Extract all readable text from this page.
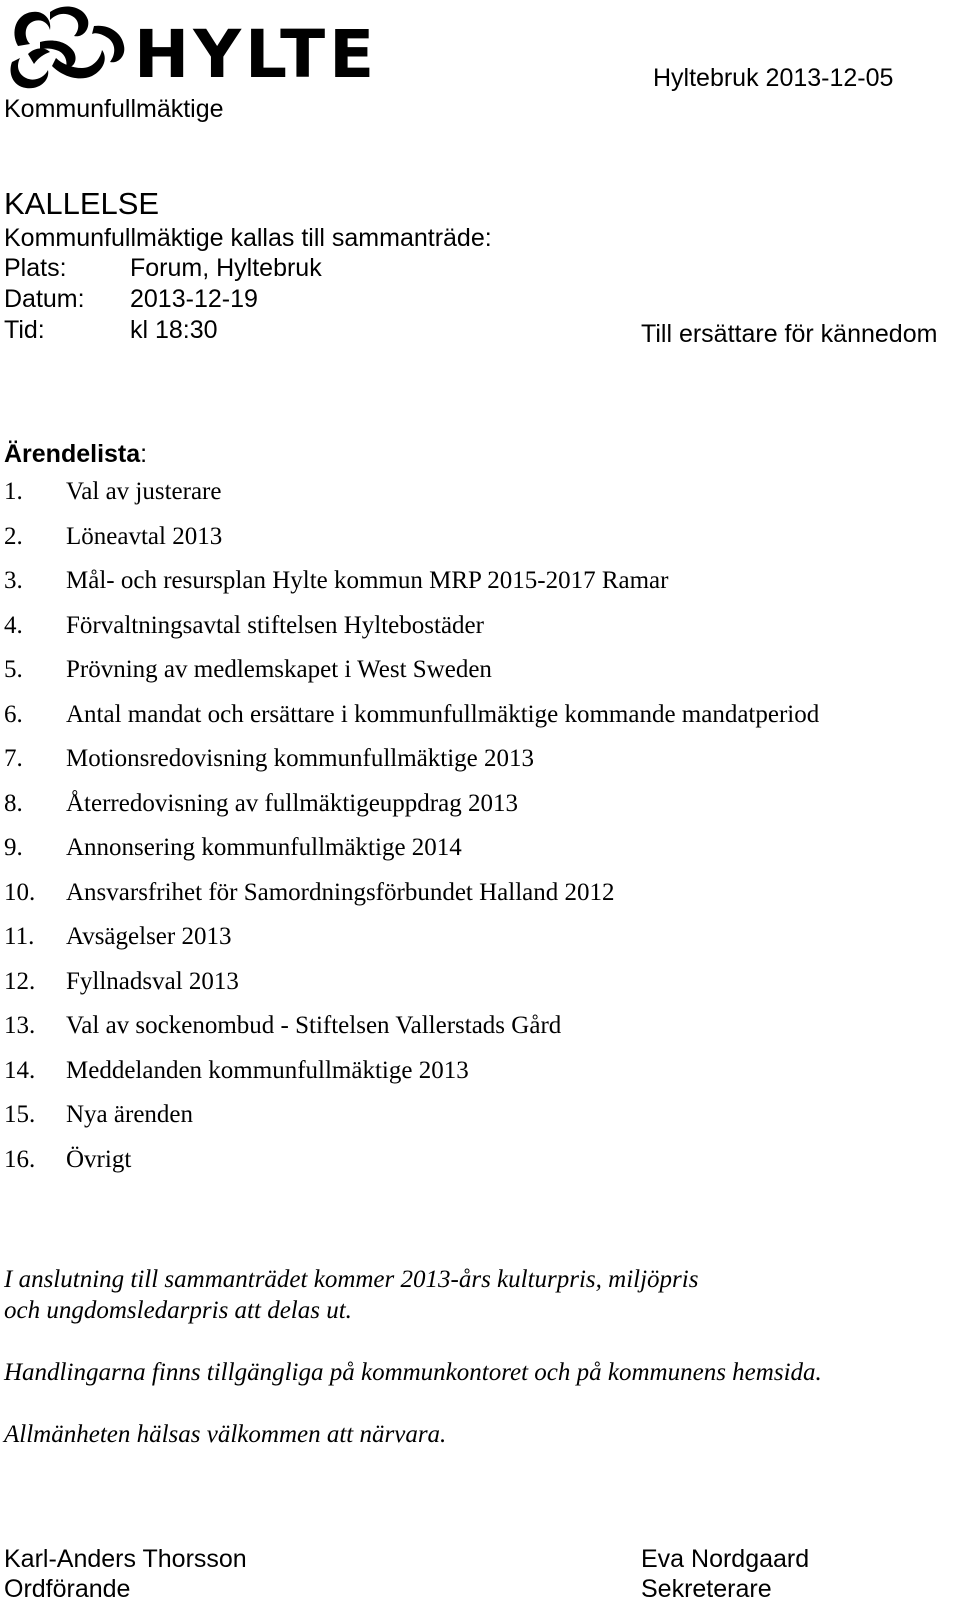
HYLTE
Kommunfullmäktige
Hyltebruk 2013-12-05
KALLELSE
Kommunfullmäktige kallas till sammanträde:
Plats:	Forum, Hyltebruk
Datum: 2013-12-19
Tid:	kl 18:30	Till ersättare för kännedom
Ärendelista:
1. Val av justerare
2. Löneavtal 2013
3. Mål- och resursplan Hylte kommun MRP 2015-2017 Ramar
4. Förvaltningsavtal stiftelsen Hyltebostäder
5. Prövning av medlemskapet i West Sweden
6. Antal mandat och ersättare i kommunfullmäktige kommande mandatperiod
7. Motionsredovisning kommunfullmäktige 2013
8. Återredovisning av fullmäktigeuppdrag 2013
9. Annonsering kommunfullmäktige 2014
10. Ansvarsfrihet för Samordningsförbundet Halland 2012
11. Avsägelser 2013
12. Fyllnadsval 2013
13. Val av sockenombud - Stiftelsen Vallerstads Gård
14. Meddelanden kommunfullmäktige 2013
15. Nya ärenden
16. Övrigt
I anslutning till sammanträdet kommer 2013-års kulturpris, miljöpris
och ungdomsledarpris att delas ut.
Handlingarna finns tillgängliga på kommunkontoret och på kommunens hemsida.
Allmänheten hälsas välkommen att närvara.
Karl-Anders Thorsson
Ordförande
Eva Nordgaard
Sekreterare
